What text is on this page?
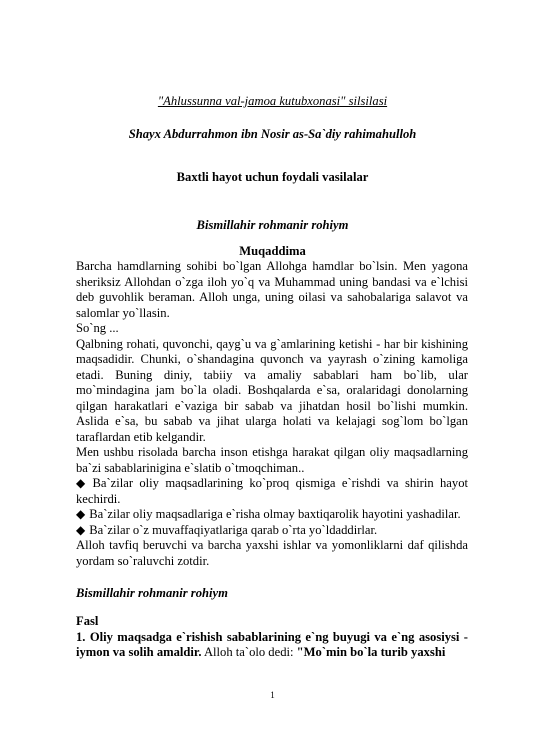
"Ahlussunna val-jamoa kutubxonasi" silsilasi
Shayx Abdurrahmon ibn Nosir as-Sa`diy rahimahulloh
Baxtli hayot uchun foydali vasilalar
Bismillahir rohmanir rohiym
Muqaddima

Barcha hamdlarning sohibi bo`lgan Allohga hamdlar bo`lsin. Men yagona sheriksiz Allohdan o`zga iloh yo`q va Muhammad uning bandasi va e`lchisi deb guvohlik beraman. Alloh unga, uning oilasi va sahobalariga salavot va salomlar yo`llasin.

So`ng ...

Qalbning rohati, quvonchi, qayg`u va g`amlarining ketishi - har bir kishining maqsadidir. Chunki, o`shandagina quvonch va yayrash o`zining kamoliga etadi. Buning diniy, tabiiy va amaliy sabablari ham bo`lib, ular mo`mindagina jam bo`la oladi. Boshqalarda e`sa, oralaridagi donolarning qilgan harakatlari e`vaziga bir sabab va jihatdan hosil bo`lishi mumkin. Aslida e`sa, bu sabab va jihat ularga holati va kelajagi sog`lom bo`lgan taraflardan etib kelgandir.

Men ushbu risolada barcha inson etishga harakat qilgan oliy maqsadlarning ba`zi sabablarinigina e`slatib o`tmoqchiman..

◆ Ba`zilar oliy maqsadlarining ko`proq qismiga e`rishdi va shirin hayot kechirdi.

◆ Ba`zilar oliy maqsadlariga e`risha olmay baxtiqarolik hayotini yashadilar.

◆ Ba`zilar o`z muvaffaqiyatlariga qarab o`rta yo`ldaddirlar.

Alloh tavfiq beruvchi va barcha yaxshi ishlar va yomonliklarni daf qilishda yordam so`raluvchi zotdir.

Bismillahir rohmanir rohiym

Fasl

1. Oliy maqsadga e`rishish sabablarining e`ng buyugi va e`ng asosiysi - iymon va solih amaldir. Alloh ta`olo dedi: "Mo`min bo`la turib yaxshi

1
